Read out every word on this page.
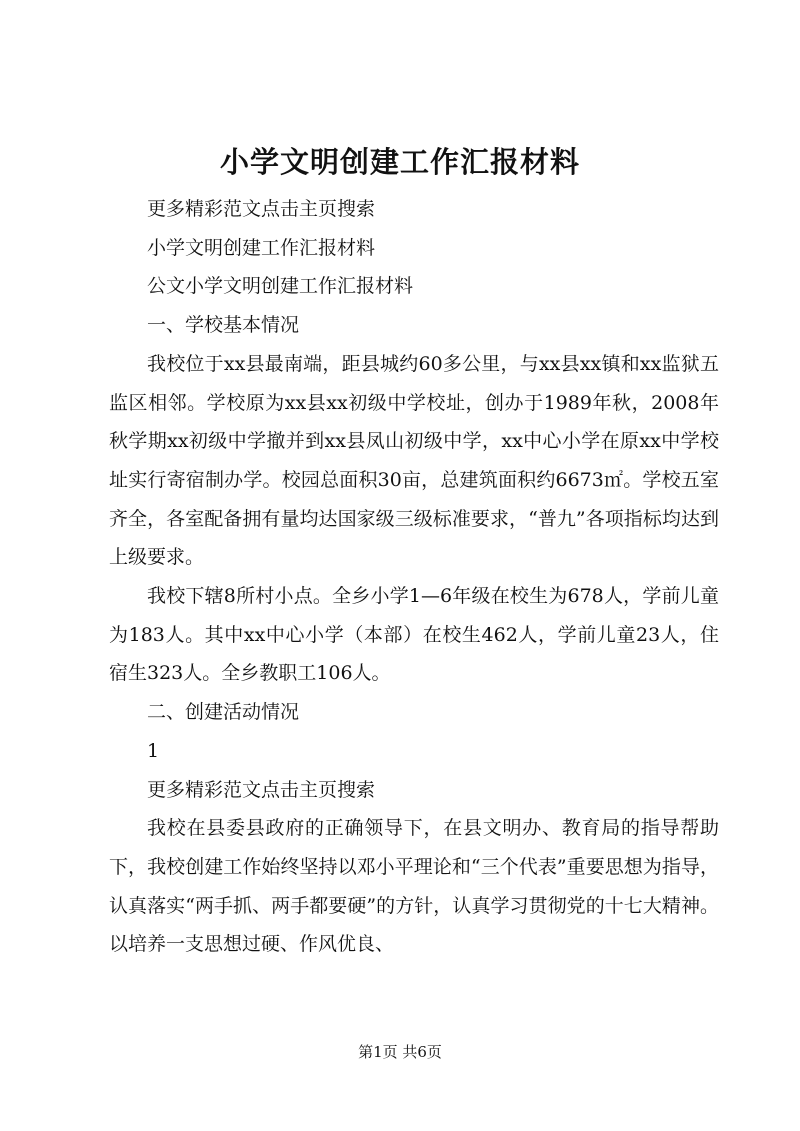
小学文明创建工作汇报材料

更多精彩范文点击主页搜索

小学文明创建工作汇报材料

公文小学文明创建工作汇报材料

一、学校基本情况

我校位于xx县最南端，距县城约60多公里，与xx县xx镇和xx监狱五监区相邻。学校原为xx县xx初级中学校址，创办于1989年秋，2008年秋学期xx初级中学撤并到xx县凤山初级中学，xx中心小学在原xx中学校址实行寄宿制办学。校园总面积30亩，总建筑面积约6673㎡。学校五室齐全，各室配备拥有量均达国家级三级标准要求，“普九”各项指标均达到上级要求。

我校下辖8所村小点。全乡小学1—6年级在校生为678人，学前儿童为183人。其中xx中心小学（本部）在校生462人，学前儿童23人，住宿生323人。全乡教职工106人。

二、创建活动情况

1

更多精彩范文点击主页搜索

我校在县委县政府的正确领导下，在县文明办、教育局的指导帮助下，我校创建工作始终坚持以邓小平理论和“三个代表”重要思想为指导，认真落实“两手抓、两手都要硬”的方针，认真学习贯彻党的十七大精神。以培养一支思想过硬、作风优良、

第1页 共6页
